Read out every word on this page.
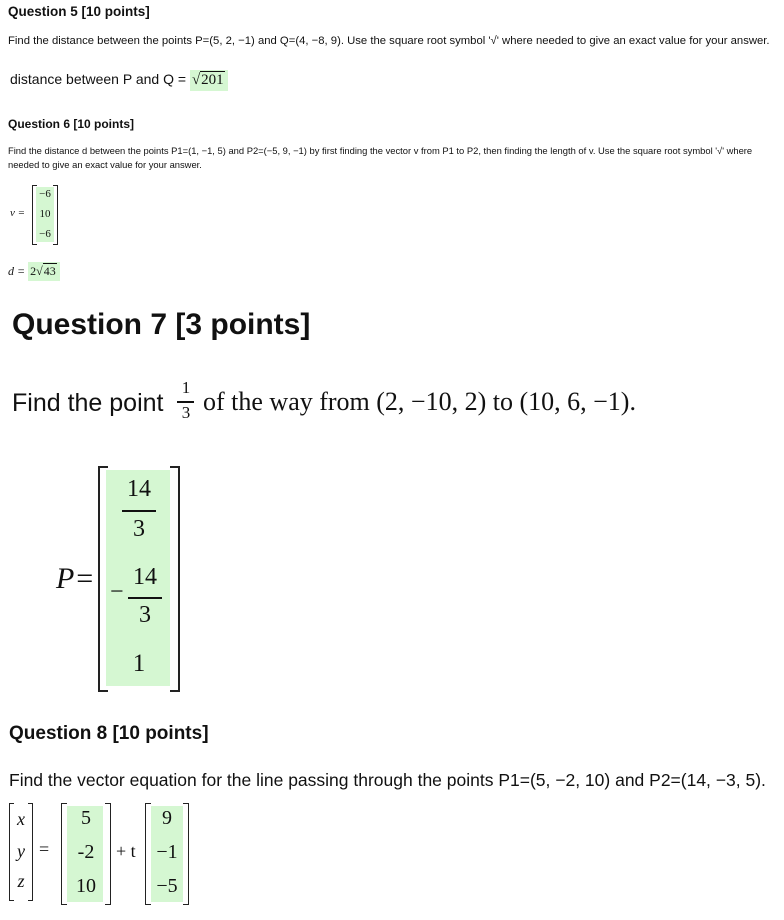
Question 5 [10 points]
Find the distance between the points P=(5, 2, −1) and Q=(4, −8, 9). Use the square root symbol '√' where needed to give an exact value for your answer.
distance between P and Q = √201
Question 6 [10 points]
Find the distance d between the points P1=(1, −1, 5) and P2=(−5, 9, −1) by first finding the vector v from P1 to P2, then finding the length of v. Use the square root symbol '√' where needed to give an exact value for your answer.
v =
−6
10
−6
d = 2√43
Question 7 [3 points]
Find the point
1
3 of the way from (2, −10, 2) to (10, 6, −1).
P=
14
3
−
14
3
1
Question 8 [10 points]
Find the vector equation for the line passing through the points P1=(5, −2, 10) and P2=(14, −3, 5).
x
y
z
=
5
-2
10
+ t
9
−1
−5
